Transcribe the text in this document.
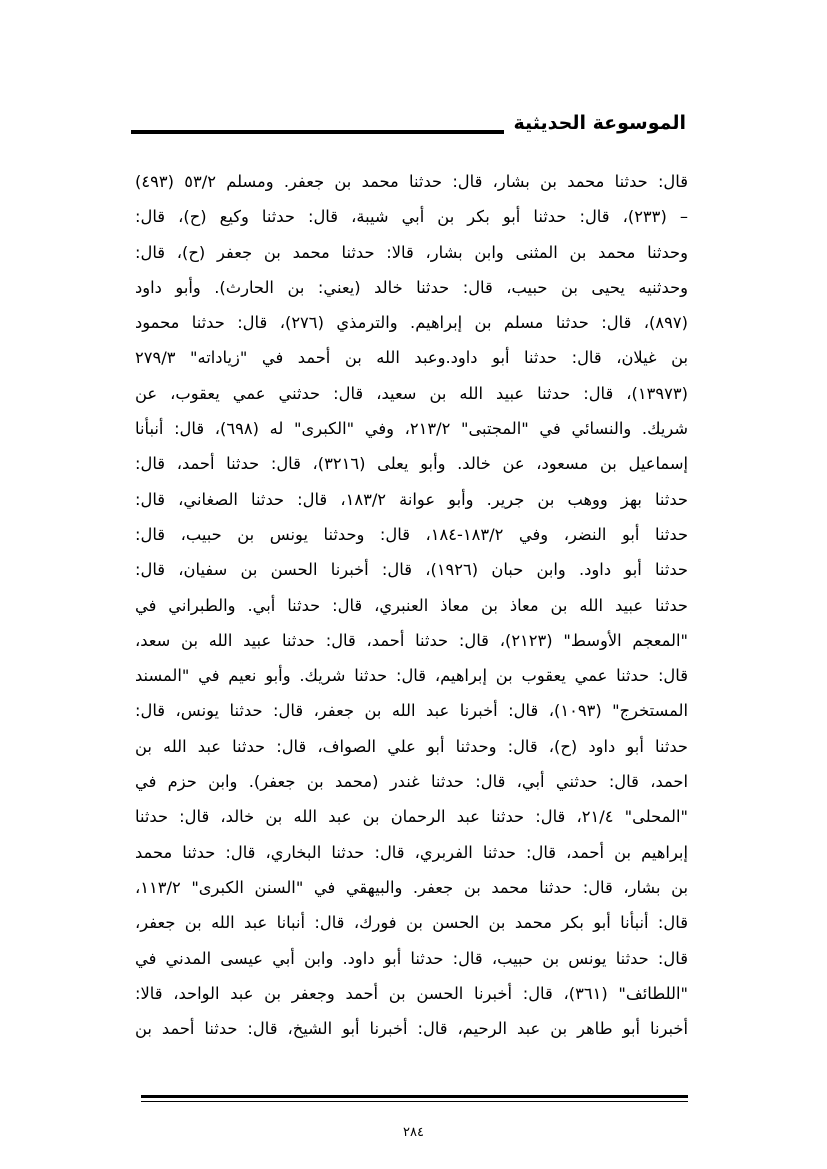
الموسوعة الحديثية
قال: حدثنا محمد بن بشار، قال: حدثنا محمد بن جعفر. ومسلم ٥٣/٢ (٤٩٣)
– (٢٣٣)، قال: حدثنا أبو بكر بن أبي شيبة، قال: حدثنا وكيع (ح)، قال:
وحدثنا محمد بن المثنى وابن بشار، قالا: حدثنا محمد بن جعفر (ح)، قال:
وحدثنيه يحيى بن حبيب، قال: حدثنا خالد (يعني: بن الحارث). وأبو داود
(٨٩٧)، قال: حدثنا مسلم بن إبراهيم. والترمذي (٢٧٦)، قال: حدثنا محمود
بن غيلان، قال: حدثنا أبو داود.وعبد الله بن أحمد في "زياداته" ٢٧٩/٣
(١٣٩٧٣)، قال: حدثنا عبيد الله بن سعيد، قال: حدثني عمي يعقوب، عن
شريك. والنسائي في "المجتبى" ٢١٣/٢، وفي "الكبرى" له (٦٩٨)، قال: أنبأنا
إسماعيل بن مسعود، عن خالد. وأبو يعلى (٣٢١٦)، قال: حدثنا أحمد، قال:
حدثنا بهز ووهب بن جرير. وأبو عوانة ١٨٣/٢، قال: حدثنا الصغاني، قال:
حدثنا أبو النضر، وفي ١٨٣/٢-١٨٤، قال: وحدثنا يونس بن حبيب، قال:
حدثنا أبو داود. وابن حبان (١٩٢٦)، قال: أخبرنا الحسن بن سفيان، قال:
حدثنا عبيد الله بن معاذ بن معاذ العنبري، قال: حدثنا أبي. والطبراني في
"المعجم الأوسط" (٢١٢٣)، قال: حدثنا أحمد، قال: حدثنا عبيد الله بن سعد،
قال: حدثنا عمي يعقوب بن إبراهيم، قال: حدثنا شريك. وأبو نعيم في "المسند
المستخرج" (١٠٩٣)، قال: أخبرنا عبد الله بن جعفر، قال: حدثنا يونس، قال:
حدثنا أبو داود (ح)، قال: وحدثنا أبو علي الصواف، قال: حدثنا عبد الله بن
احمد، قال: حدثني أبي، قال: حدثنا غندر (محمد بن جعفر). وابن حزم في
"المحلى" ٢١/٤، قال: حدثنا عبد الرحمان بن عبد الله بن خالد، قال: حدثنا
إبراهيم بن أحمد، قال: حدثنا الفربري، قال: حدثنا البخاري، قال: حدثنا محمد
بن بشار، قال: حدثنا محمد بن جعفر. والبيهقي في "السنن الكبرى" ١١٣/٢،
قال: أنبأنا أبو بكر محمد بن الحسن بن فورك، قال: أنبانا عبد الله بن جعفر،
قال: حدثنا يونس بن حبيب، قال: حدثنا أبو داود. وابن أبي عيسى المدني في
"اللطائف" (٣٦١)، قال: أخبرنا الحسن بن أحمد وجعفر بن عبد الواحد، قالا:
أخبرنا أبو طاهر بن عبد الرحيم، قال: أخبرنا أبو الشيخ، قال: حدثنا أحمد بن
٢٨٤
